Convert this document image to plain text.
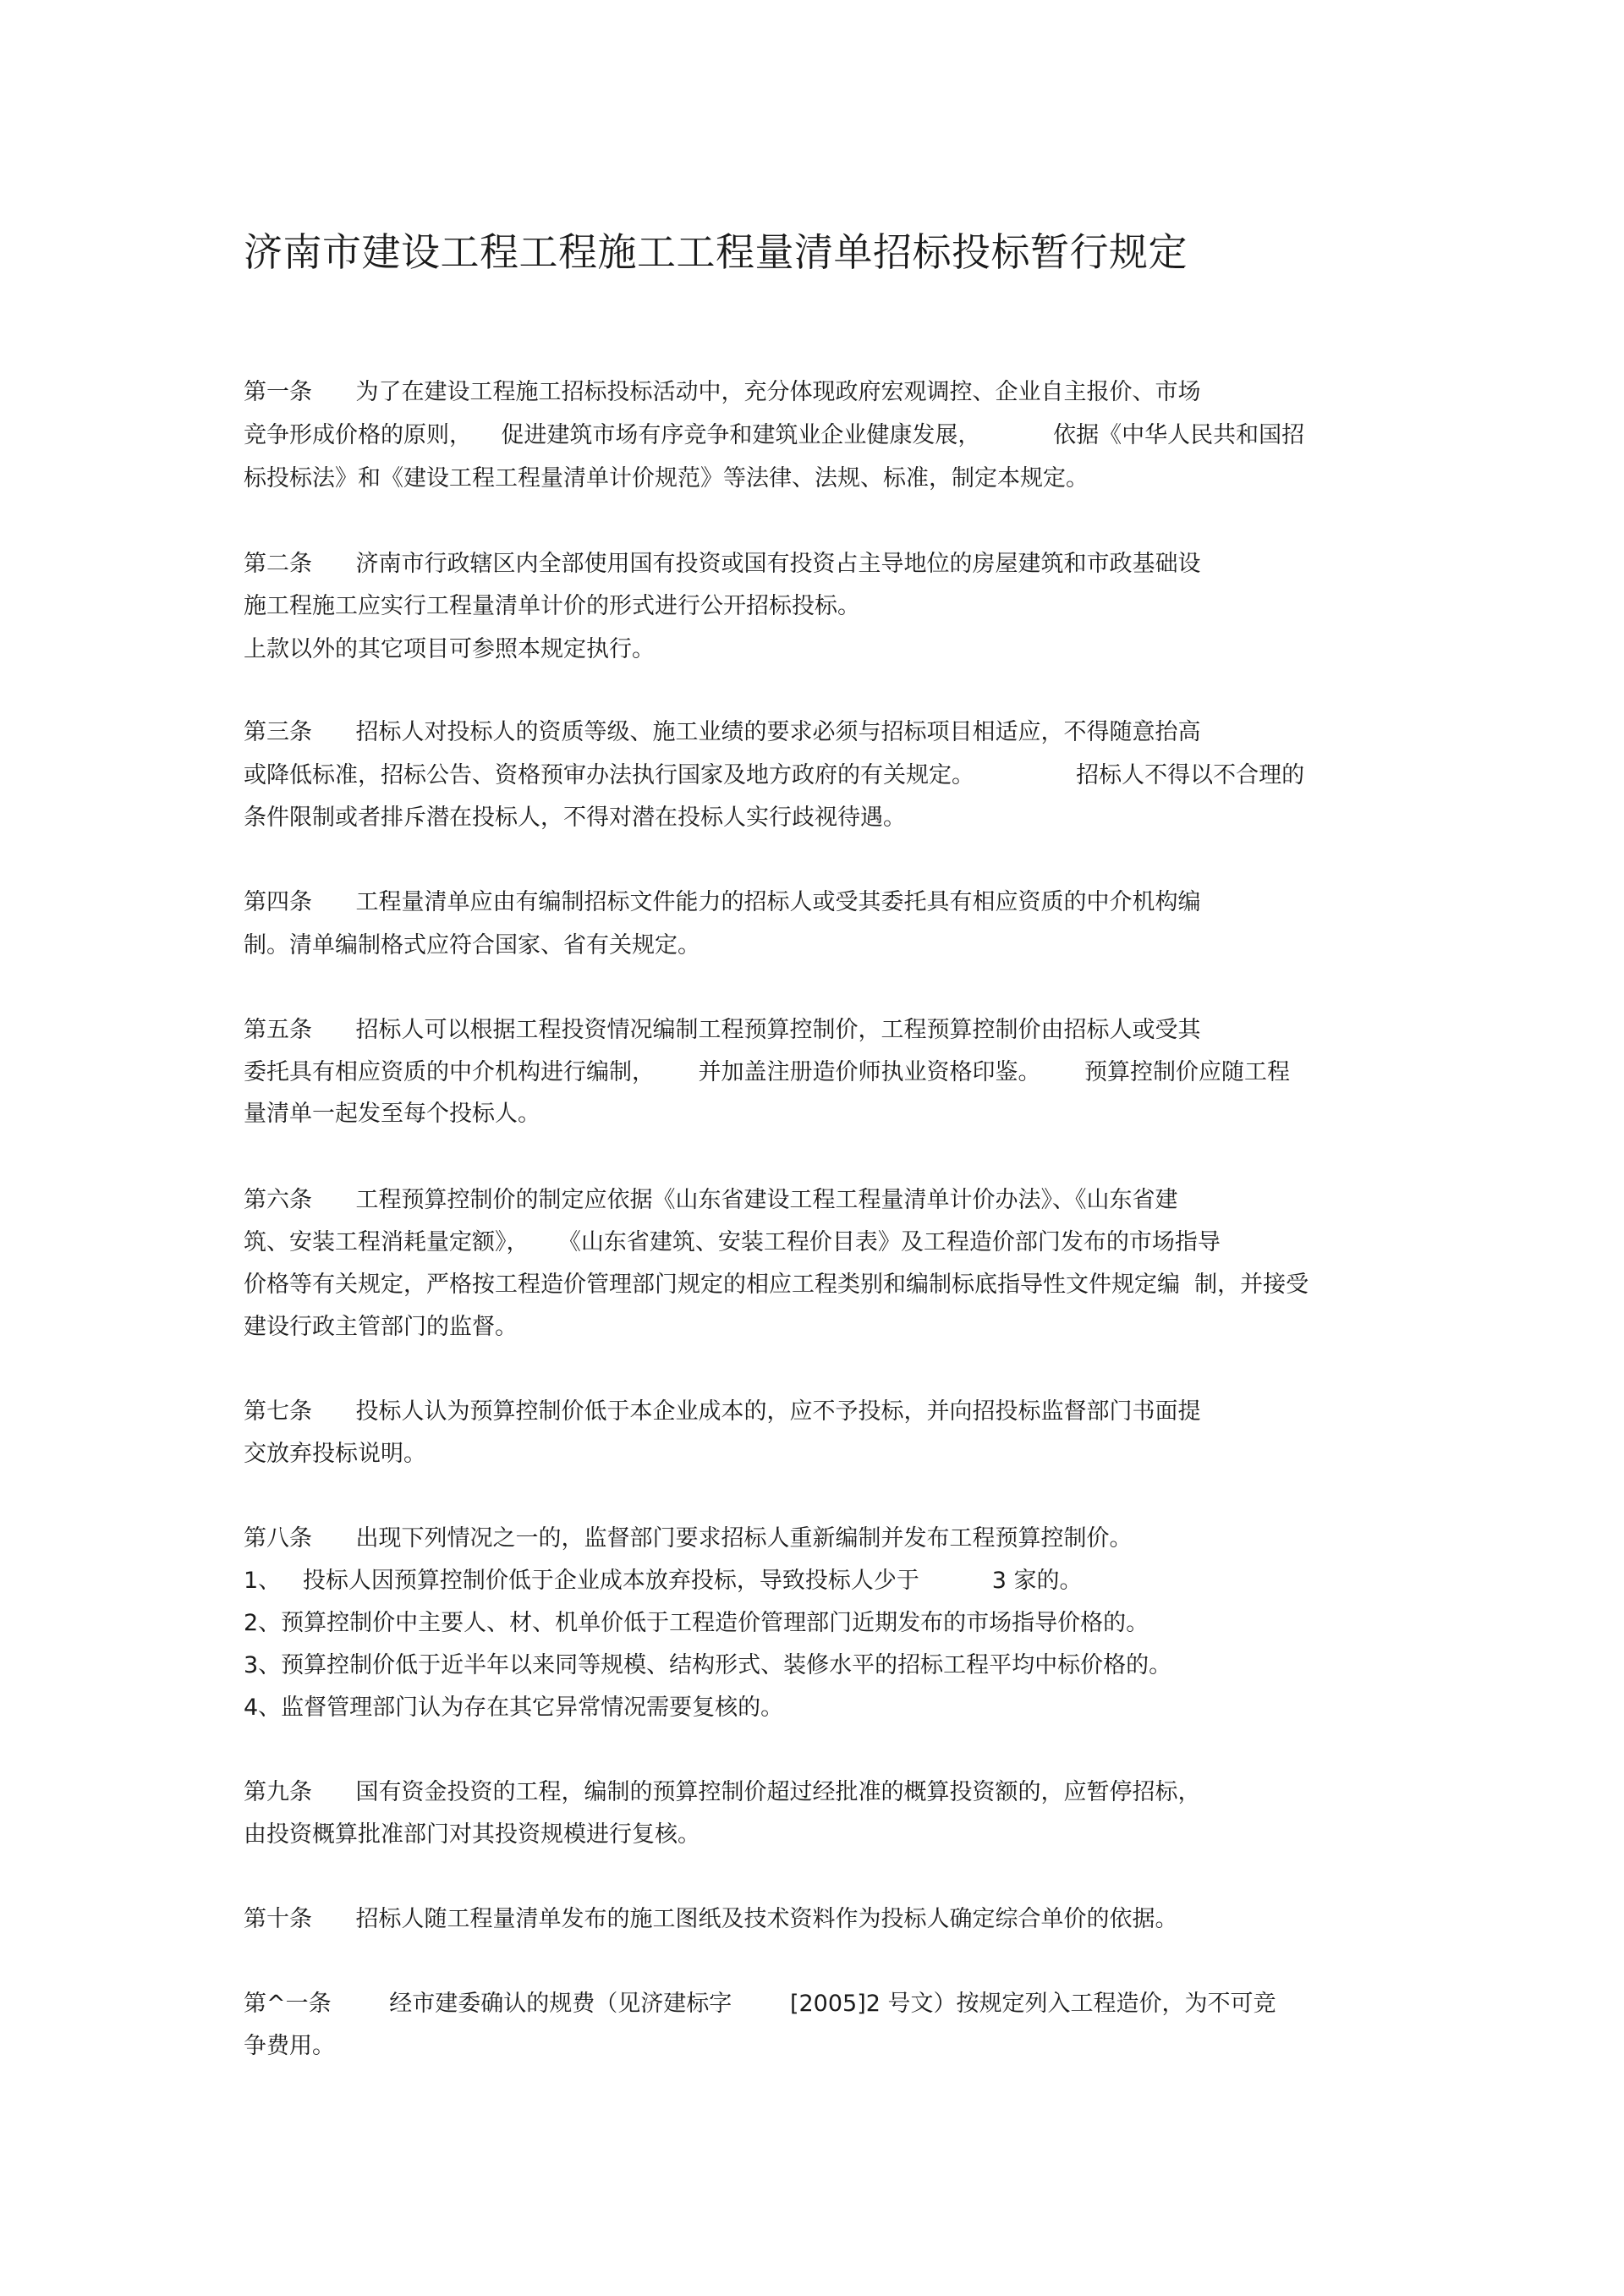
济南市建设工程工程施工工程量清单招标投标暂行规定

第一条      为了在建设工程施工招标投标活动中，充分体现政府宏观调控、企业自主报价、市场

竞争形成价格的原则，    促进建筑市场有序竞争和建筑业企业健康发展，          依据《中华人民共和国招

标投标法》和《建设工程工程量清单计价规范》等法律、法规、标准，制定本规定。

第二条      济南市行政辖区内全部使用国有投资或国有投资占主导地位的房屋建筑和市政基础设

施工程施工应实行工程量清单计价的形式进行公开招标投标。

上款以外的其它项目可参照本规定执行。

第三条      招标人对投标人的资质等级、施工业绩的要求必须与招标项目相适应，不得随意抬高

或降低标准，招标公告、资格预审办法执行国家及地方政府的有关规定。              招标人不得以不合理的

条件限制或者排斥潜在投标人，不得对潜在投标人实行歧视待遇。

第四条      工程量清单应由有编制招标文件能力的招标人或受其委托具有相应资质的中介机构编

制。清单编制格式应符合国家、省有关规定。

第五条      招标人可以根据工程投资情况编制工程预算控制价，工程预算控制价由招标人或受其

委托具有相应资质的中介机构进行编制，      并加盖注册造价师执业资格印鉴。      预算控制价应随工程

量清单一起发至每个投标人。

第六条      工程预算控制价的制定应依据《山东省建设工程工程量清单计价办法》、《山东省建

筑、安装工程消耗量定额》，    《山东省建筑、安装工程价目表》及工程造价部门发布的市场指导

价格等有关规定，严格按工程造价管理部门规定的相应工程类别和编制标底指导性文件规定编  制，并接受

建设行政主管部门的监督。

第七条      投标人认为预算控制价低于本企业成本的，应不予投标，并向招投标监督部门书面提

交放弃投标说明。

第八条      出现下列情况之一的，监督部门要求招标人重新编制并发布工程预算控制价。

1、   投标人因预算控制价低于企业成本放弃投标，导致投标人少于          3 家的。

2、预算控制价中主要人、材、机单价低于工程造价管理部门近期发布的市场指导价格的。

3、预算控制价低于近半年以来同等规模、结构形式、装修水平的招标工程平均中标价格的。

4、监督管理部门认为存在其它异常情况需要复核的。

第九条      国有资金投资的工程，编制的预算控制价超过经批准的概算投资额的，应暂停招标，

由投资概算批准部门对其投资规模进行复核。

第十条      招标人随工程量清单发布的施工图纸及技术资料作为投标人确定综合单价的依据。

第^一条        经市建委确认的规费（见济建标字        [2005]2 号文）按规定列入工程造价，为不可竞

争费用。
